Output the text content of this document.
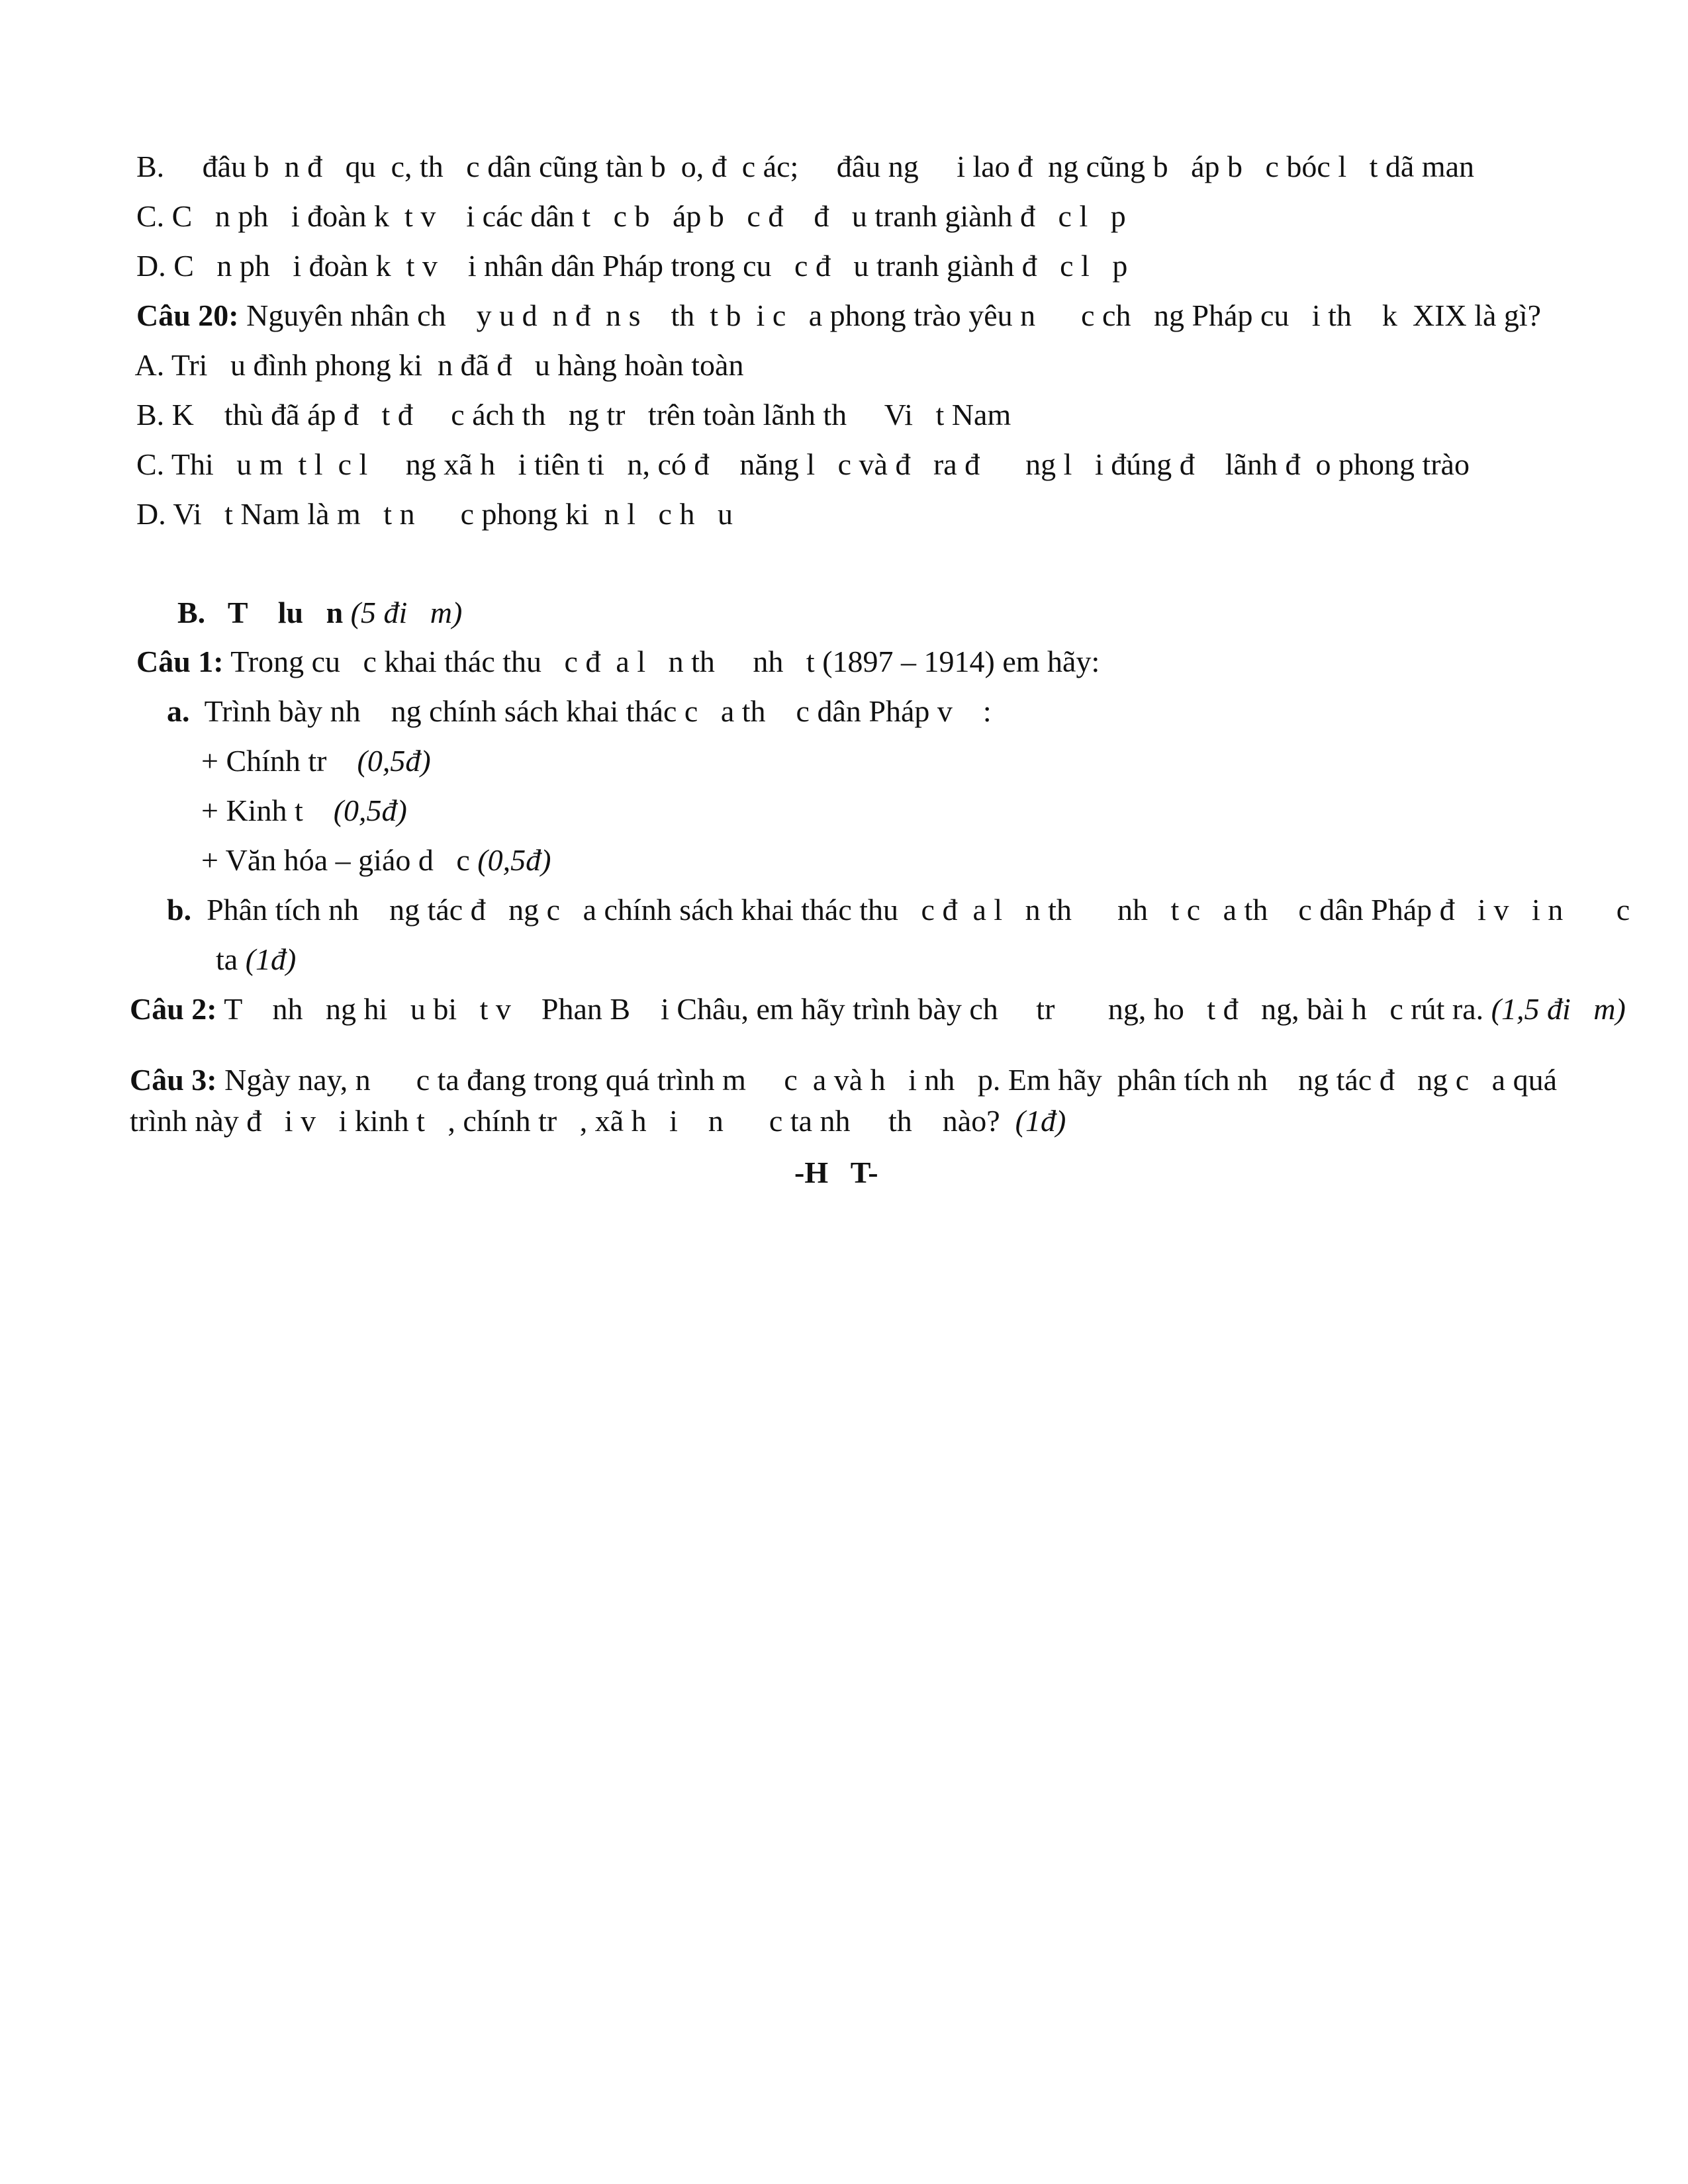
B.     đâu b  n đ   qu  c, th   c dân cũng tàn b  o, đ  c ác;     đâu ng     i lao đ  ng cũng b   áp b   c bóc l   t dã man

C. C   n ph   i đoàn k  t v    i các dân t   c b   áp b   c đ    đ   u tranh giành đ   c l   p

D. C   n ph   i đoàn k  t v    i nhân dân Pháp trong cu   c đ   u tranh giành đ   c l   p

Câu 20: Nguyên nhân ch    y u d  n đ  n s    th  t b  i c   a phong trào yêu n      c ch   ng Pháp cu   i th    k  XIX là gì?

A. Tri   u đình phong ki  n đã đ   u hàng hoàn toàn

B. K    thù đã áp đ   t đ     c ách th   ng tr   trên toàn lãnh th     Vi   t Nam

C. Thi   u m  t l  c l     ng xã h   i tiên ti   n, có đ    năng l   c và đ   ra đ      ng l   i đúng đ    lãnh đ  o phong trào

D. Vi   t Nam là m   t n      c phong ki  n l   c h   u

B.   T    lu   n (5 đi   m)

Câu 1: Trong cu   c khai thác thu   c đ  a l   n th     nh   t (1897 – 1914) em hãy:

a.  Trình bày nh    ng chính sách khai thác c   a th    c dân Pháp v    :

+ Chính tr    (0,5đ)

+ Kinh t    (0,5đ)

+ Văn hóa – giáo d   c (0,5đ)

b.  Phân tích nh    ng tác đ   ng c   a chính sách khai thác thu   c đ  a l   n th      nh   t c   a th    c dân Pháp đ   i v   i n       c

ta (1đ)

Câu 2: T    nh   ng hi   u bi   t v    Phan B    i Châu, em hãy trình bày ch     tr       ng, ho   t đ   ng, bài h   c rút ra. (1,5 đi   m)

Câu 3: Ngày nay, n      c ta đang trong quá trình m     c  a và h   i nh   p. Em hãy  phân tích nh    ng tác đ   ng c   a quá

trình này đ   i v   i kinh t   , chính tr   , xã h   i    n      c ta nh     th    nào?  (1đ)

-H   T-
